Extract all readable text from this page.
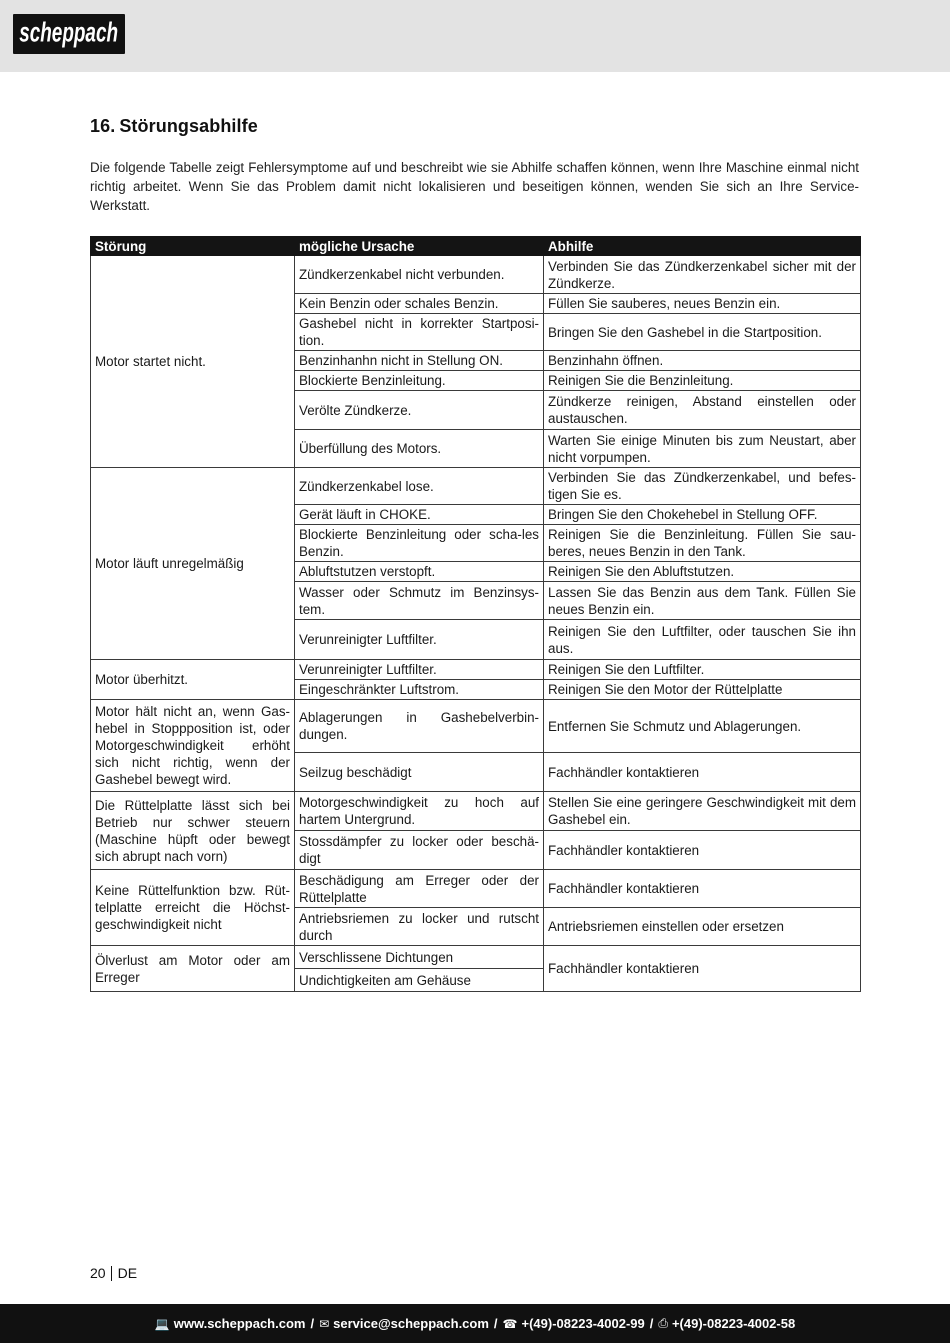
scheppach
16. Störungsabhilfe

Die folgende Tabelle zeigt Fehlersymptome auf und beschreibt wie sie Abhilfe schaffen können, wenn Ihre Maschine einmal nicht richtig arbeitet. Wenn Sie das Problem damit nicht lokalisieren und beseitigen können, wenden Sie sich an Ihre Service-Werkstatt.

Störung	mögliche Ursache	Abhilfe
Motor startet nicht.	Zündkerzenkabel nicht verbunden.	Verbinden Sie das Zündkerzenkabel sicher mit der Zündkerze.
	Kein Benzin oder schales Benzin.	Füllen Sie sauberes, neues Benzin ein.
	Gashebel nicht in korrekter Startposi-tion.	Bringen Sie den Gashebel in die Startposition.
	Benzinhanhn nicht in Stellung ON.	Benzinhahn öffnen.
	Blockierte Benzinleitung.	Reinigen Sie die Benzinleitung.
	Verölte Zündkerze.	Zündkerze reinigen, Abstand einstellen oder austauschen.
	Überfüllung des Motors.	Warten Sie einige Minuten bis zum Neustart, aber nicht vorpumpen.
Motor läuft unregelmäßig	Zündkerzenkabel lose.	Verbinden Sie das Zündkerzenkabel, und befes-tigen Sie es.
	Gerät läuft in CHOKE.	Bringen Sie den Chokehebel in Stellung OFF.
	Blockierte Benzinleitung oder scha-les Benzin.	Reinigen Sie die Benzinleitung. Füllen Sie sau-beres, neues Benzin in den Tank.
	Abluftstutzen verstopft.	Reinigen Sie den Abluftstutzen.
	Wasser oder Schmutz im Benzinsys-tem.	Lassen Sie das Benzin aus dem Tank. Füllen Sie neues Benzin ein.
	Verunreinigter Luftfilter.	Reinigen Sie den Luftfilter, oder tauschen Sie ihn aus.
Motor überhitzt.	Verunreinigter Luftfilter.	Reinigen Sie den Luftfilter.
	Eingeschränkter Luftstrom.	Reinigen Sie den Motor der Rüttelplatte
Motor hält nicht an, wenn Gas-hebel in Stoppposition ist, oder Motorgeschwindigkeit erhöht sich nicht richtig, wenn der Gashebel bewegt wird.	Ablagerungen in Gashebelverbin-dungen.	Entfernen Sie Schmutz und Ablagerungen.
	Seilzug beschädigt	Fachhändler kontaktieren
Die Rüttelplatte lässt sich bei Betrieb nur schwer steuern (Maschine hüpft oder bewegt sich abrupt nach vorn)	Motorgeschwindigkeit zu hoch auf hartem Untergrund.	Stellen Sie eine geringere Geschwindigkeit mit dem Gashebel ein.
	Stossdämpfer zu locker oder beschä-digt	Fachhändler kontaktieren
Keine Rüttelfunktion bzw. Rüt-telplatte erreicht die Höchst-geschwindigkeit nicht	Beschädigung am Erreger oder der Rüttelplatte	Fachhändler kontaktieren
	Antriebsriemen zu locker und rutscht durch	Antriebsriemen einstellen oder ersetzen
Ölverlust am Motor oder am Erreger	Verschlissene Dichtungen	Fachhändler kontaktieren
	Undichtigkeiten am Gehäuse	
20 DE
💻 www.scheppach.com / ✉ service@scheppach.com / ☎ +(49)-08223-4002-99 / ⎙ +(49)-08223-4002-58
